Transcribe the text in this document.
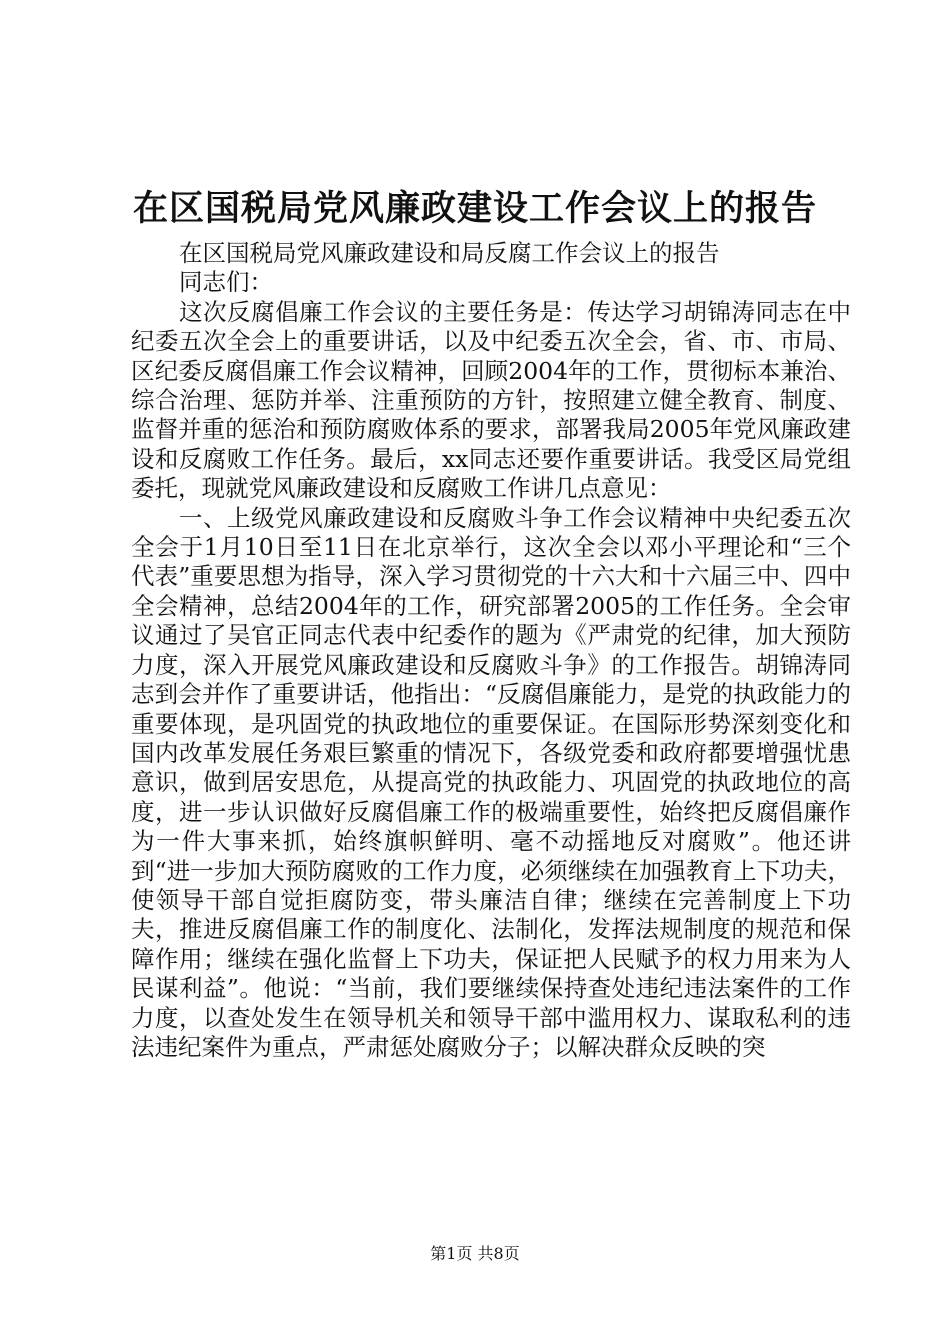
在区国税局党风廉政建设工作会议上的报告

在区国税局党风廉政建设和局反腐工作会议上的报告

同志们：

这次反腐倡廉工作会议的主要任务是：传达学习胡锦涛同志在中纪委五次全会上的重要讲话，以及中纪委五次全会，省、市、市局、区纪委反腐倡廉工作会议精神，回顾2004年的工作，贯彻标本兼治、综合治理、惩防并举、注重预防的方针，按照建立健全教育、制度、监督并重的惩治和预防腐败体系的要求，部署我局2005年党风廉政建设和反腐败工作任务。最后，xx同志还要作重要讲话。我受区局党组委托，现就党风廉政建设和反腐败工作讲几点意见：

一、上级党风廉政建设和反腐败斗争工作会议精神中央纪委五次全会于1月10日至11日在北京举行，这次全会以邓小平理论和“三个代表”重要思想为指导，深入学习贯彻党的十六大和十六届三中、四中全会精神，总结2004年的工作，研究部署2005的工作任务。全会审议通过了吴官正同志代表中纪委作的题为《严肃党的纪律，加大预防力度，深入开展党风廉政建设和反腐败斗争》的工作报告。胡锦涛同志到会并作了重要讲话，他指出：“反腐倡廉能力，是党的执政能力的重要体现，是巩固党的执政地位的重要保证。在国际形势深刻变化和国内改革发展任务艰巨繁重的情况下，各级党委和政府都要增强忧患意识，做到居安思危，从提高党的执政能力、巩固党的执政地位的高度，进一步认识做好反腐倡廉工作的极端重要性，始终把反腐倡廉作为一件大事来抓，始终旗帜鲜明、毫不动摇地反对腐败”。他还讲到“进一步加大预防腐败的工作力度，必须继续在加强教育上下功夫，使领导干部自觉拒腐防变，带头廉洁自律；继续在完善制度上下功夫，推进反腐倡廉工作的制度化、法制化，发挥法规制度的规范和保障作用；继续在强化监督上下功夫，保证把人民赋予的权力用来为人民谋利益”。他说：“当前，我们要继续保持查处违纪违法案件的工作力度，以查处发生在领导机关和领导干部中滥用权力、谋取私利的违法违纪案件为重点，严肃惩处腐败分子；以解决群众反映的突

第1页 共8页
